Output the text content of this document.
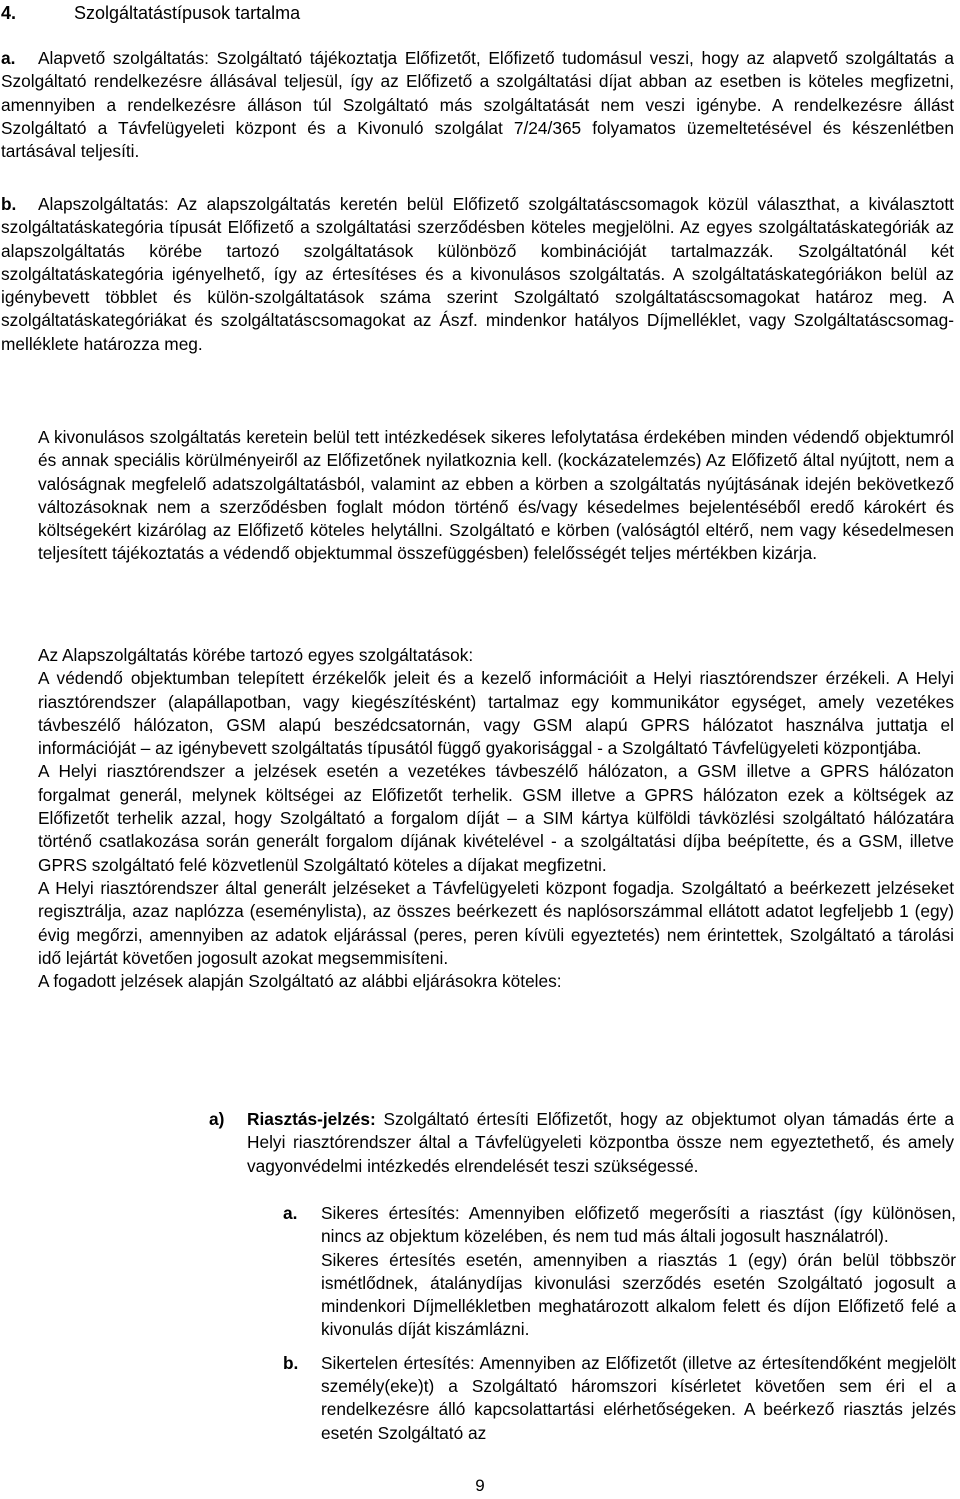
4.	Szolgáltatástípusok tartalma

a. Alapvető szolgáltatás: Szolgáltató tájékoztatja Előfizetőt, Előfizető tudomásul veszi, hogy az alapvető szolgáltatás a Szolgáltató rendelkezésre állásával teljesül, így az Előfizető a szolgáltatási díjat abban az esetben is köteles megfizetni, amennyiben a rendelkezésre álláson túl Szolgáltató más szolgáltatását nem veszi igénybe. A rendelkezésre állást Szolgáltató a Távfelügyeleti központ és a Kivonuló szolgálat 7/24/365 folyamatos üzemeltetésével és készenlétben tartásával teljesíti.

b. Alapszolgáltatás: Az alapszolgáltatás keretén belül Előfizető szolgáltatáscsomagok közül választhat, a kiválasztott szolgáltatáskategória típusát Előfizető a szolgáltatási szerződésben köteles megjelölni. Az egyes szolgáltatáskategóriák az alapszolgáltatás körébe tartozó szolgáltatások különböző kombinációját tartalmazzák. Szolgáltatónál két szolgáltatáskategória igényelhető, így az értesítéses és a kivonulásos szolgáltatás. A szolgáltatáskategóriákon belül az igénybevett többlet és külön-szolgáltatások száma szerint Szolgáltató szolgáltatáscsomagokat határoz meg. A szolgáltatáskategóriákat és szolgáltatáscsomagokat az Ászf. mindenkor hatályos Díjmelléklet, vagy Szolgáltatáscsomag-melléklete határozza meg.

A kivonulásos szolgáltatás keretein belül tett intézkedések sikeres lefolytatása érdekében minden védendő objektumról és annak speciális körülményeiről az Előfizetőnek nyilatkoznia kell. (kockázatelemzés) Az Előfizető által nyújtott, nem a valóságnak megfelelő adatszolgáltatásból, valamint az ebben a körben a szolgáltatás nyújtásának idején bekövetkező változásoknak nem a szerződésben foglalt módon történő és/vagy késedelmes bejelentéséből eredő károkért és költségekért kizárólag az Előfizető köteles helytállni. Szolgáltató e körben (valóságtól eltérő, nem vagy késedelmesen teljesített tájékoztatás a védendő objektummal összefüggésben) felelősségét teljes mértékben kizárja.

Az Alapszolgáltatás körébe tartozó egyes szolgáltatások:

A védendő objektumban telepített érzékelők jeleit és a kezelő információit a Helyi riasztórendszer érzékeli. A Helyi riasztórendszer (alapállapotban, vagy kiegészítésként) tartalmaz egy kommunikátor egységet, amely vezetékes távbeszélő hálózaton, GSM alapú beszédcsatornán, vagy GSM alapú GPRS hálózatot használva juttatja el információját – az igénybevett szolgáltatás típusától függő gyakorisággal - a Szolgáltató Távfelügyeleti központjába.

A Helyi riasztórendszer a jelzések esetén a vezetékes távbeszélő hálózaton, a GSM illetve a GPRS hálózaton forgalmat generál, melynek költségei az Előfizetőt terhelik. GSM illetve a GPRS hálózaton ezek a költségek az Előfizetőt terhelik azzal, hogy Szolgáltató a forgalom díját – a SIM kártya külföldi távközlési szolgáltató hálózatára történő csatlakozása során generált forgalom díjának kivételével - a szolgáltatási díjba beépítette, és a GSM, illetve GPRS szolgáltató felé közvetlenül Szolgáltató köteles a díjakat megfizetni.

A Helyi riasztórendszer által generált jelzéseket a Távfelügyeleti központ fogadja. Szolgáltató a beérkezett jelzéseket regisztrálja, azaz naplózza (eseménylista), az összes beérkezett és naplósorszámmal ellátott adatot legfeljebb 1 (egy) évig megőrzi, amennyiben az adatok eljárással (peres, peren kívüli egyeztetés) nem érintettek, Szolgáltató a tárolási idő lejártát követően jogosult azokat megsemmisíteni.

A fogadott jelzések alapján Szolgáltató az alábbi eljárásokra köteles:

a) Riasztás-jelzés: Szolgáltató értesíti Előfizetőt, hogy az objektumot olyan támadás érte a Helyi riasztórendszer által a Távfelügyeleti központba össze nem egyeztethető, és amely vagyonvédelmi intézkedés elrendelését teszi szükségessé.
a. Sikeres értesítés: Amennyiben előfizető megerősíti a riasztást (így különösen, nincs az objektum közelében, és nem tud más általi jogosult használatról).

Sikeres értesítés esetén, amennyiben a riasztás 1 (egy) órán belül többször ismétlődnek, átalánydíjas kivonulási szerződés esetén Szolgáltató jogosult a mindenkori Díjmellékletben meghatározott alkalom felett és díjon Előfizető felé a kivonulás díját kiszámlázni.

b. Sikertelen értesítés: Amennyiben az Előfizetőt (illetve az értesítendőként megjelölt személy(eke)t) a Szolgáltató háromszori kísérletet követően sem éri el a rendelkezésre álló kapcsolattartási elérhetőségeken. A beérkező riasztás jelzés esetén Szolgáltató az

9
